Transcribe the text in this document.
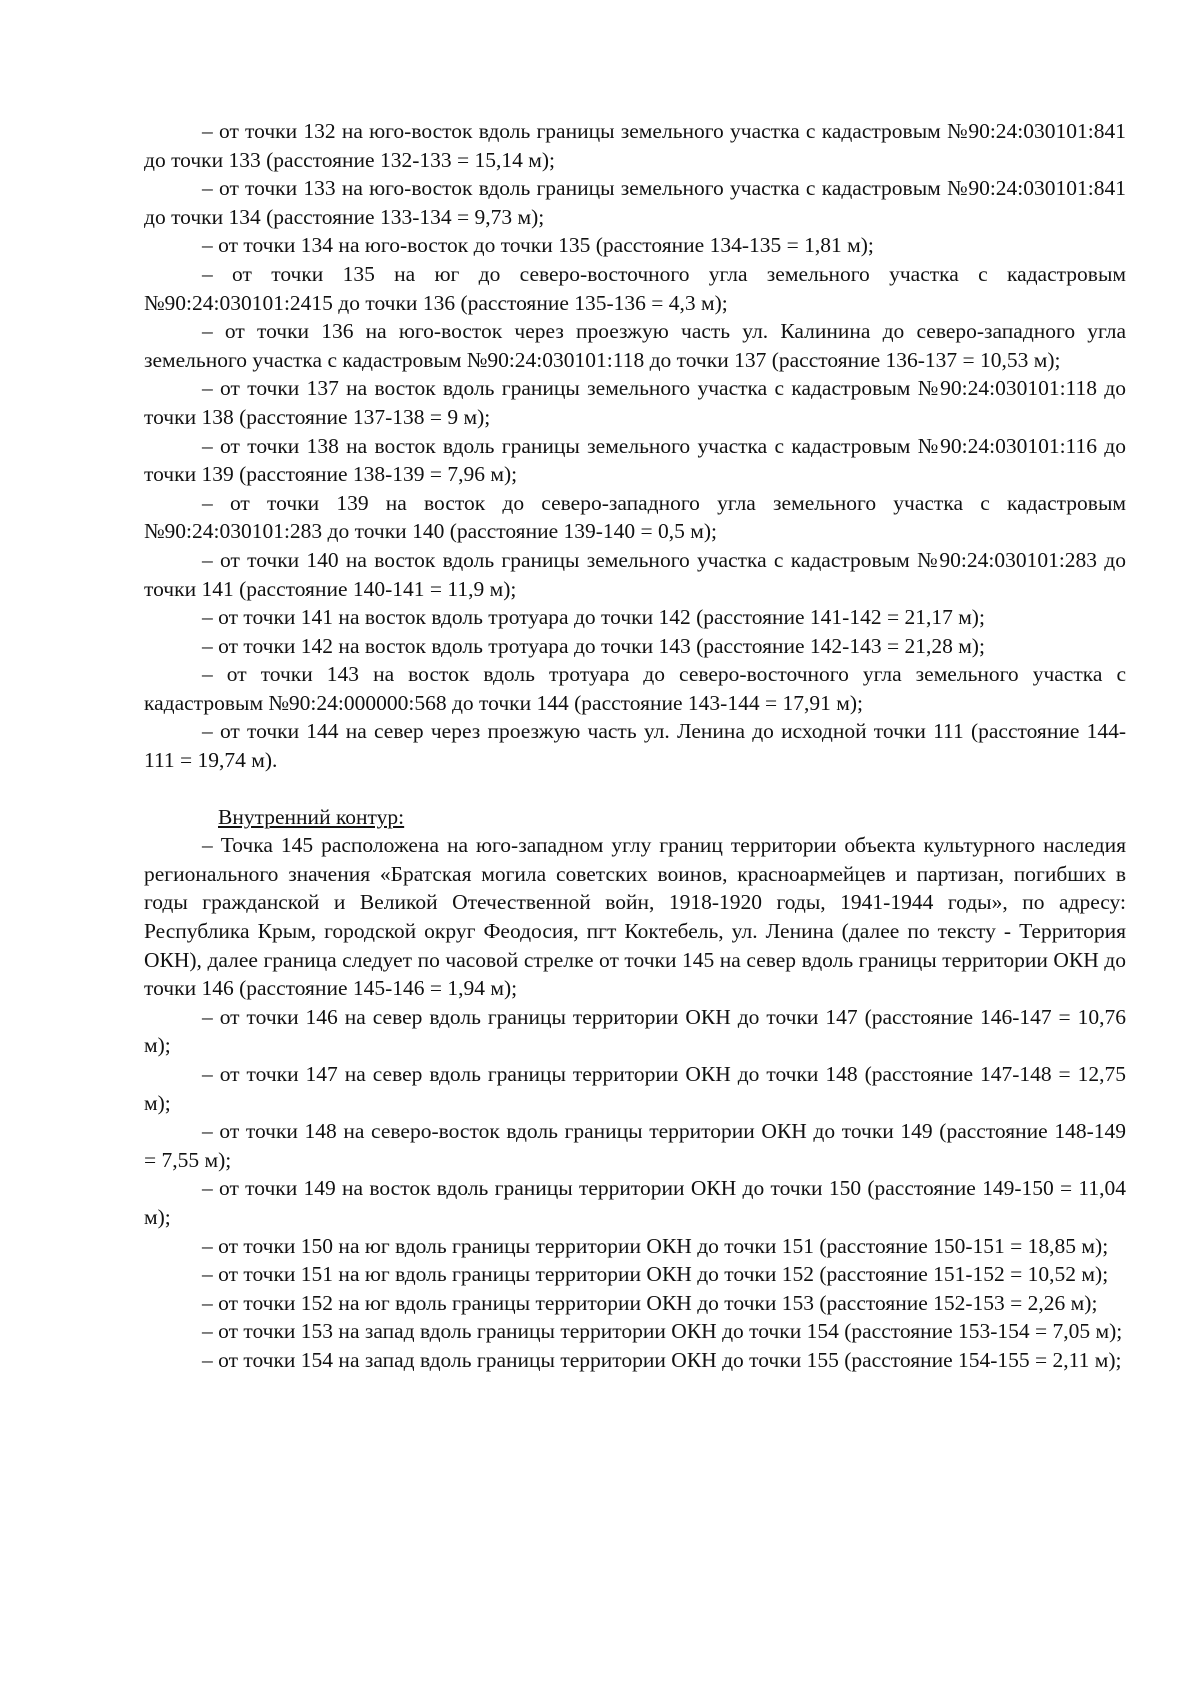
– от точки 132 на юго-восток вдоль границы земельного участка с кадастровым №90:24:030101:841 до точки 133 (расстояние 132-133 = 15,14 м);

– от точки 133 на юго-восток вдоль границы земельного участка с кадастровым №90:24:030101:841 до точки 134 (расстояние 133-134 = 9,73 м);

– от точки 134 на юго-восток до точки 135 (расстояние 134-135 = 1,81 м);

– от точки 135 на юг до северо-восточного угла земельного участка с кадастровым №90:24:030101:2415 до точки 136 (расстояние 135-136 = 4,3 м);

– от точки 136 на юго-восток через проезжую часть ул. Калинина до северо-западного угла земельного участка с кадастровым №90:24:030101:118 до точки 137 (расстояние 136-137 = 10,53 м);

– от точки 137 на восток вдоль границы земельного участка с кадастровым №90:24:030101:118 до точки 138 (расстояние 137-138 = 9 м);

– от точки 138 на восток вдоль границы земельного участка с кадастровым №90:24:030101:116 до точки 139 (расстояние 138-139 = 7,96 м);

– от точки 139 на восток до северо-западного угла земельного участка с кадастровым №90:24:030101:283 до точки 140 (расстояние 139-140 = 0,5 м);

– от точки 140 на восток вдоль границы земельного участка с кадастровым №90:24:030101:283 до точки 141 (расстояние 140-141 = 11,9 м);

– от точки 141 на восток вдоль тротуара до точки 142 (расстояние 141-142 = 21,17 м);

– от точки 142 на восток вдоль тротуара до точки 143 (расстояние 142-143 = 21,28 м);

– от точки 143 на восток вдоль тротуара до северо-восточного угла земельного участка с кадастровым №90:24:000000:568 до точки 144 (расстояние 143-144 = 17,91 м);

– от точки 144 на север через проезжую часть ул. Ленина до исходной точки 111 (расстояние 144-111 = 19,74 м).

Внутренний контур:

– Точка 145 расположена на юго-западном углу границ территории объекта культурного наследия регионального значения «Братская могила советских воинов, красноармейцев и партизан, погибших в годы гражданской и Великой Отечественной войн, 1918-1920 годы, 1941-1944 годы», по адресу: Республика Крым, городской округ Феодосия, пгт Коктебель, ул. Ленина (далее по тексту - Территория ОКН), далее граница следует по часовой стрелке от точки 145 на север вдоль границы территории ОКН до точки 146 (расстояние 145-146 = 1,94 м);

– от точки 146 на север вдоль границы территории ОКН до точки 147 (расстояние 146-147 = 10,76 м);

– от точки 147 на север вдоль границы территории ОКН до точки 148 (расстояние 147-148 = 12,75 м);

– от точки 148 на северо-восток вдоль границы территории ОКН до точки 149 (расстояние 148-149 = 7,55 м);

– от точки 149 на восток вдоль границы территории ОКН до точки 150 (расстояние 149-150 = 11,04 м);

– от точки 150 на юг вдоль границы территории ОКН до точки 151 (расстояние 150-151 = 18,85 м);

– от точки 151 на юг вдоль границы территории ОКН до точки 152 (расстояние 151-152 = 10,52 м);

– от точки 152 на юг вдоль границы территории ОКН до точки 153 (расстояние 152-153 = 2,26 м);

– от точки 153 на запад вдоль границы территории ОКН до точки 154 (расстояние 153-154 = 7,05 м);

– от точки 154 на запад вдоль границы территории ОКН до точки 155 (расстояние 154-155 = 2,11 м);
